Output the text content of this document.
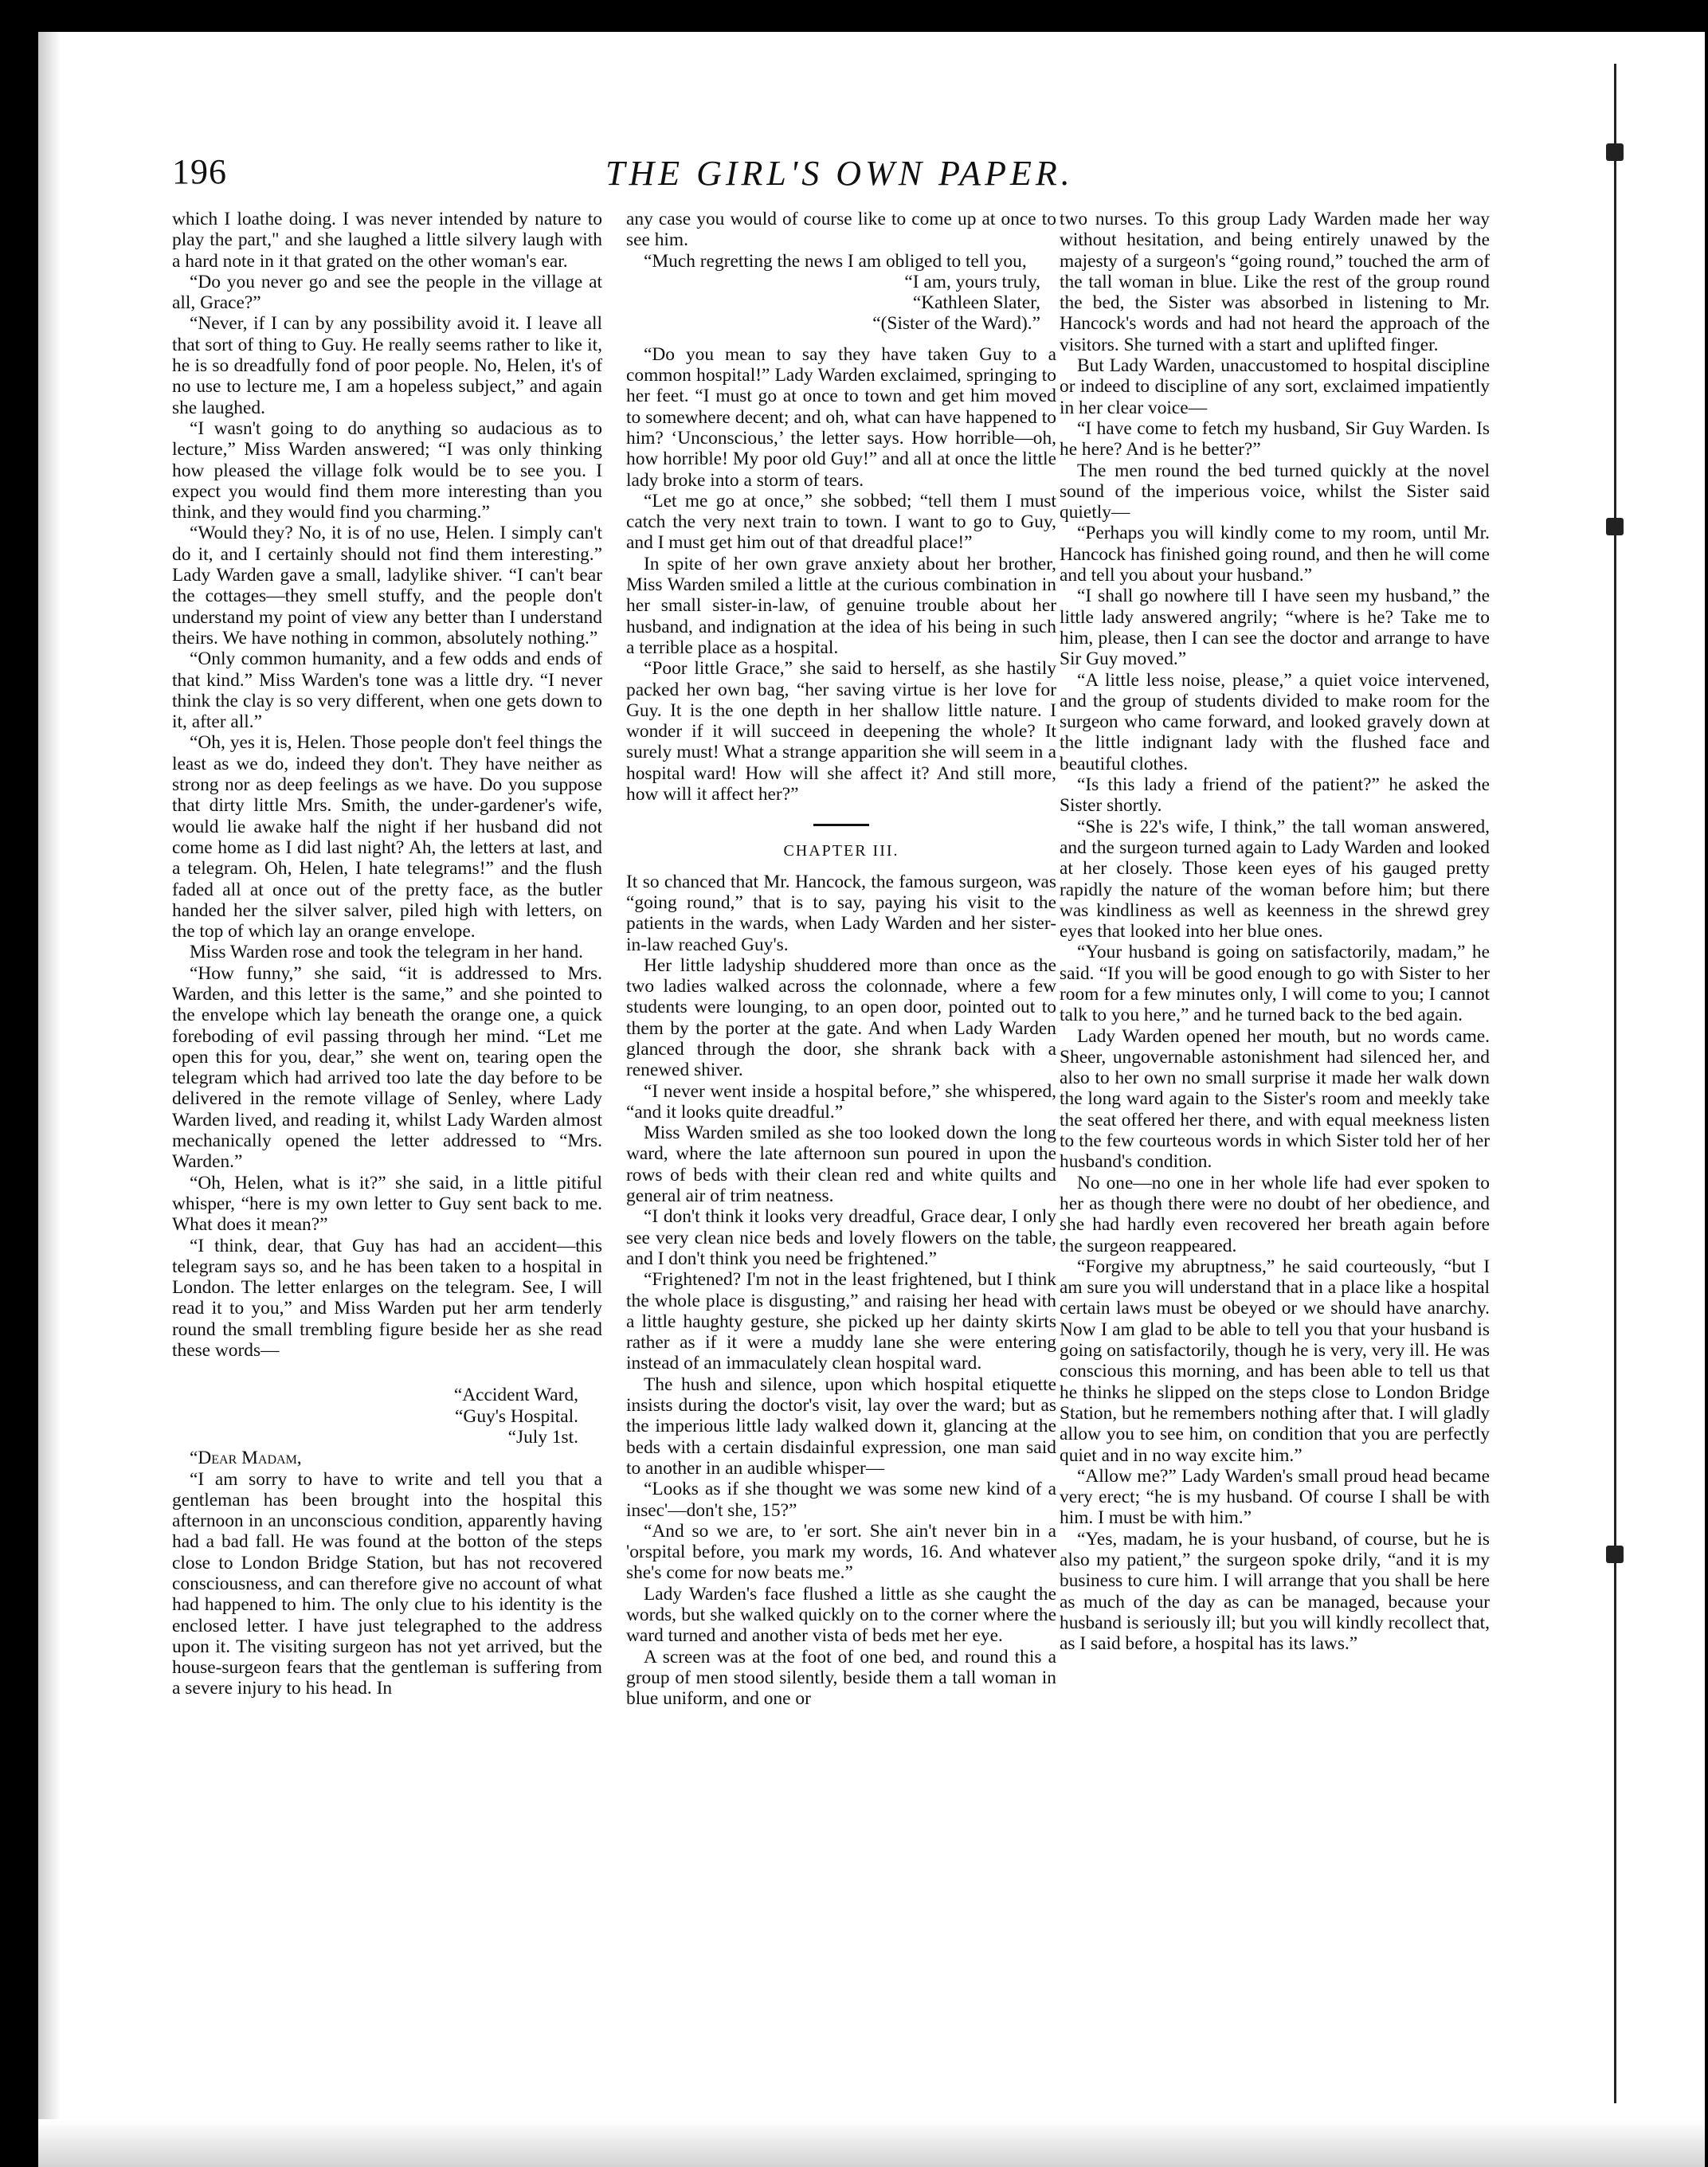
196	THE GIRL'S OWN PAPER.

which I loathe doing. I was never intended by nature to play the part," and she laughed a little silvery laugh with a hard note in it that grated on the other woman's ear.

“Do you never go and see the people in the village at all, Grace?”

“Never, if I can by any possibility avoid it. I leave all that sort of thing to Guy. He really seems rather to like it, he is so dreadfully fond of poor people. No, Helen, it's of no use to lecture me, I am a hopeless subject,” and again she laughed.

“I wasn't going to do anything so audacious as to lecture,” Miss Warden answered; “I was only thinking how pleased the village folk would be to see you. I expect you would find them more interesting than you think, and they would find you charming.”

“Would they? No, it is of no use, Helen. I simply can't do it, and I certainly should not find them interesting.” Lady Warden gave a small, ladylike shiver. “I can't bear the cottages—they smell stuffy, and the people don't understand my point of view any better than I understand theirs. We have nothing in common, absolutely nothing.”

“Only common humanity, and a few odds and ends of that kind.” Miss Warden's tone was a little dry. “I never think the clay is so very different, when one gets down to it, after all.”

“Oh, yes it is, Helen. Those people don't feel things the least as we do, indeed they don't. They have neither as strong nor as deep feelings as we have. Do you suppose that dirty little Mrs. Smith, the under-gardener's wife, would lie awake half the night if her husband did not come home as I did last night? Ah, the letters at last, and a telegram. Oh, Helen, I hate telegrams!” and the flush faded all at once out of the pretty face, as the butler handed her the silver salver, piled high with letters, on the top of which lay an orange envelope.

Miss Warden rose and took the telegram in her hand.

“How funny,” she said, “it is addressed to Mrs. Warden, and this letter is the same,” and she pointed to the envelope which lay beneath the orange one, a quick foreboding of evil passing through her mind. “Let me open this for you, dear,” she went on, tearing open the telegram which had arrived too late the day before to be delivered in the remote village of Senley, where Lady Warden lived, and reading it, whilst Lady Warden almost mechanically opened the letter addressed to “Mrs. Warden.”

“Oh, Helen, what is it?” she said, in a little pitiful whisper, “here is my own letter to Guy sent back to me. What does it mean?”

“I think, dear, that Guy has had an accident—this telegram says so, and he has been taken to a hospital in London. The letter enlarges on the telegram. See, I will read it to you,” and Miss Warden put her arm tenderly round the small trembling figure beside her as she read these words—

“Accident Ward,

“Guy's Hospital.

“July 1st.

“Dear Madam,

“I am sorry to have to write and tell you that a gentleman has been brought into the hospital this afternoon in an unconscious condition, apparently having had a bad fall. He was found at the botton of the steps close to London Bridge Station, but has not recovered consciousness, and can therefore give no account of what had happened to him. The only clue to his identity is the enclosed letter. I have just telegraphed to the address upon it. The visiting surgeon has not yet arrived, but the house-surgeon fears that the gentleman is suffering from a severe injury to his head. In

any case you would of course like to come up at once to see him.

“Much regretting the news I am obliged to tell you,

“I am, yours truly,

“Kathleen Slater,

“(Sister of the Ward).”

“Do you mean to say they have taken Guy to a common hospital!” Lady Warden exclaimed, springing to her feet. “I must go at once to town and get him moved to somewhere decent; and oh, what can have happened to him? ‘Unconscious,’ the letter says. How horrible—oh, how horrible! My poor old Guy!” and all at once the little lady broke into a storm of tears.

“Let me go at once,” she sobbed; “tell them I must catch the very next train to town. I want to go to Guy, and I must get him out of that dreadful place!”

In spite of her own grave anxiety about her brother, Miss Warden smiled a little at the curious combination in her small sister-in-law, of genuine trouble about her husband, and indignation at the idea of his being in such a terrible place as a hospital.

“Poor little Grace,” she said to herself, as she hastily packed her own bag, “her saving virtue is her love for Guy. It is the one depth in her shallow little nature. I wonder if it will succeed in deepening the whole? It surely must! What a strange apparition she will seem in a hospital ward! How will she affect it? And still more, how will it affect her?”

CHAPTER III.

It so chanced that Mr. Hancock, the famous surgeon, was “going round,” that is to say, paying his visit to the patients in the wards, when Lady Warden and her sister-in-law reached Guy's.

Her little ladyship shuddered more than once as the two ladies walked across the colonnade, where a few students were lounging, to an open door, pointed out to them by the porter at the gate. And when Lady Warden glanced through the door, she shrank back with a renewed shiver.

“I never went inside a hospital before,” she whispered, “and it looks quite dreadful.”

Miss Warden smiled as she too looked down the long ward, where the late afternoon sun poured in upon the rows of beds with their clean red and white quilts and general air of trim neatness.

“I don't think it looks very dreadful, Grace dear, I only see very clean nice beds and lovely flowers on the table, and I don't think you need be frightened.”

“Frightened? I'm not in the least frightened, but I think the whole place is disgusting,” and raising her head with a little haughty gesture, she picked up her dainty skirts rather as if it were a muddy lane she were entering instead of an immaculately clean hospital ward.

The hush and silence, upon which hospital etiquette insists during the doctor's visit, lay over the ward; but as the imperious little lady walked down it, glancing at the beds with a certain disdainful expression, one man said to another in an audible whisper—

“Looks as if she thought we was some new kind of a insec'—don't she, 15?”

“And so we are, to 'er sort. She ain't never bin in a 'orspital before, you mark my words, 16. And whatever she's come for now beats me.”

Lady Warden's face flushed a little as she caught the words, but she walked quickly on to the corner where the ward turned and another vista of beds met her eye.

A screen was at the foot of one bed, and round this a group of men stood silently, beside them a tall woman in blue uniform, and one or

two nurses. To this group Lady Warden made her way without hesitation, and being entirely unawed by the majesty of a surgeon's “going round,” touched the arm of the tall woman in blue. Like the rest of the group round the bed, the Sister was absorbed in listening to Mr. Hancock's words and had not heard the approach of the visitors. She turned with a start and uplifted finger.

But Lady Warden, unaccustomed to hospital discipline or indeed to discipline of any sort, exclaimed impatiently in her clear voice—

“I have come to fetch my husband, Sir Guy Warden. Is he here? And is he better?”

The men round the bed turned quickly at the novel sound of the imperious voice, whilst the Sister said quietly—

“Perhaps you will kindly come to my room, until Mr. Hancock has finished going round, and then he will come and tell you about your husband.”

“I shall go nowhere till I have seen my husband,” the little lady answered angrily; “where is he? Take me to him, please, then I can see the doctor and arrange to have Sir Guy moved.”

“A little less noise, please,” a quiet voice intervened, and the group of students divided to make room for the surgeon who came forward, and looked gravely down at the little indignant lady with the flushed face and beautiful clothes.

“Is this lady a friend of the patient?” he asked the Sister shortly.

“She is 22's wife, I think,” the tall woman answered, and the surgeon turned again to Lady Warden and looked at her closely. Those keen eyes of his gauged pretty rapidly the nature of the woman before him; but there was kindliness as well as keenness in the shrewd grey eyes that looked into her blue ones.

“Your husband is going on satisfactorily, madam,” he said. “If you will be good enough to go with Sister to her room for a few minutes only, I will come to you; I cannot talk to you here,” and he turned back to the bed again.

Lady Warden opened her mouth, but no words came. Sheer, ungovernable astonishment had silenced her, and also to her own no small surprise it made her walk down the long ward again to the Sister's room and meekly take the seat offered her there, and with equal meekness listen to the few courteous words in which Sister told her of her husband's condition.

No one—no one in her whole life had ever spoken to her as though there were no doubt of her obedience, and she had hardly even recovered her breath again before the surgeon reappeared.

“Forgive my abruptness,” he said courteously, “but I am sure you will understand that in a place like a hospital certain laws must be obeyed or we should have anarchy. Now I am glad to be able to tell you that your husband is going on satisfactorily, though he is very, very ill. He was conscious this morning, and has been able to tell us that he thinks he slipped on the steps close to London Bridge Station, but he remembers nothing after that. I will gladly allow you to see him, on condition that you are perfectly quiet and in no way excite him.”

“Allow me?” Lady Warden's small proud head became very erect; “he is my husband. Of course I shall be with him. I must be with him.”

“Yes, madam, he is your husband, of course, but he is also my patient,” the surgeon spoke drily, “and it is my business to cure him. I will arrange that you shall be here as much of the day as can be managed, because your husband is seriously ill; but you will kindly recollect that, as I said before, a hospital has its laws.”
